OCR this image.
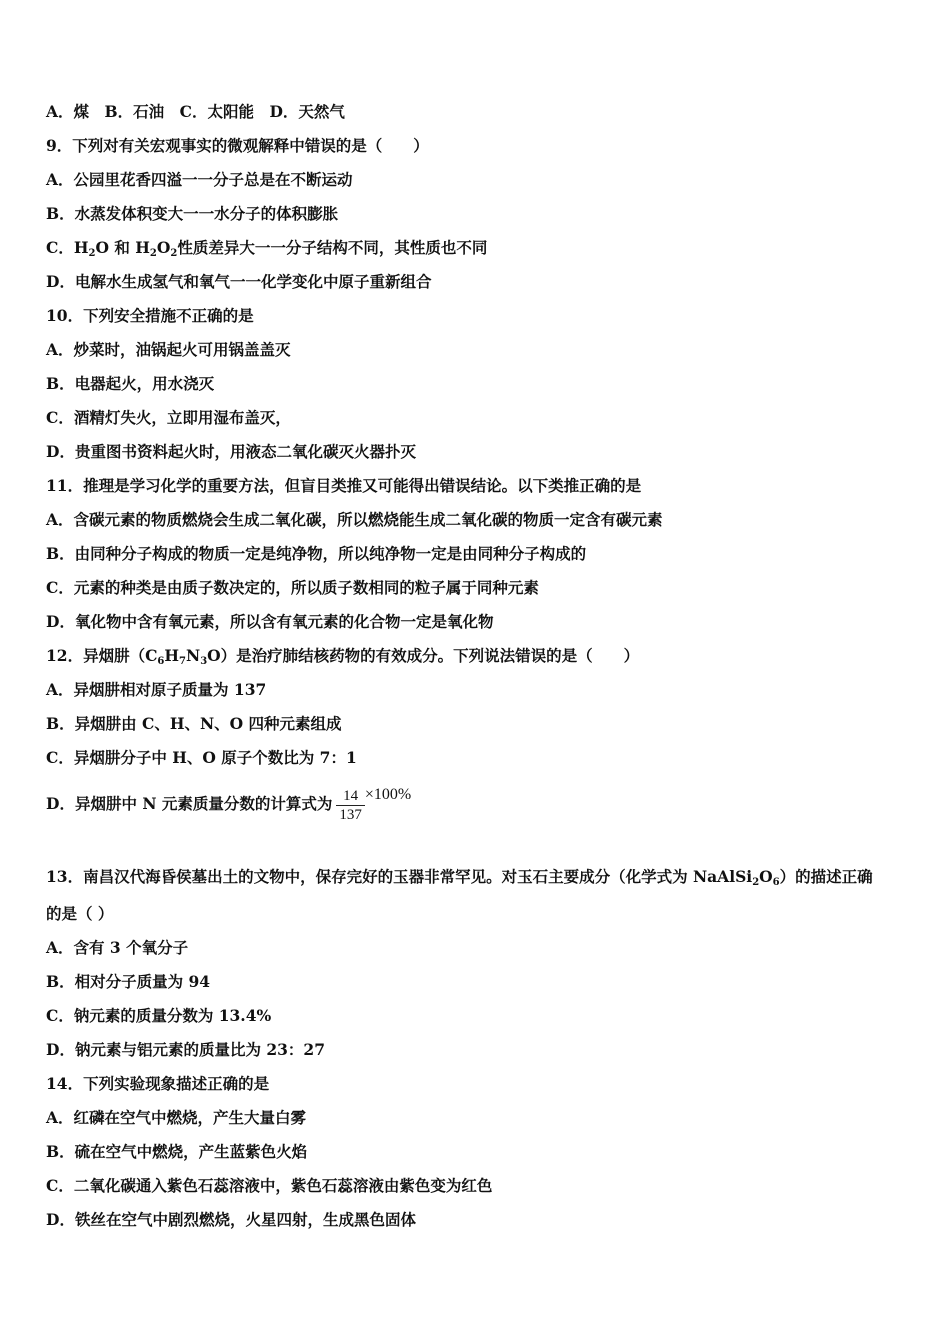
A．煤　B．石油　C．太阳能　D．天然气
9．下列对有关宏观事实的微观解释中错误的是（　　）
A．公园里花香四溢一一分子总是在不断运动
B．水蒸发体积变大一一水分子的体积膨胀
C．$H_2O$ 和 $H_2O_2$性质差异大一一分子结构不同，其性质也不同
D．电解水生成氢气和氧气一一化学变化中原子重新组合
10．下列安全措施不正确的是
A．炒菜时，油锅起火可用锅盖盖灭
B．电器起火，用水浇灭
C．酒精灯失火，立即用湿布盖灭，
D．贵重图书资料起火时，用液态二氧化碳灭火器扑灭
11．推理是学习化学的重要方法，但盲目类推又可能得出错误结论。以下类推正确的是
A．含碳元素的物质燃烧会生成二氧化碳，所以燃烧能生成二氧化碳的物质一定含有碳元素
B．由同种分子构成的物质一定是纯净物，所以纯净物一定是由同种分子构成的
C．元素的种类是由质子数决定的，所以质子数相同的粒子属于同种元素
D．氧化物中含有氧元素，所以含有氧元素的化合物一定是氧化物
12．异烟肼$(C_6H_7N_3O)$是治疗肺结核药物的有效成分。下列说法错误的是（　　）
A．异烟肼相对原子质量为 137
B．异烟肼由 C、H、N、O 四种元素组成
C．异烟肼分子中 H、O 原子个数比为 7：1
D．异烟肼中 N 元素质量分数的计算式为 $\frac{14}{137} \times 100\%$
13．南昌汉代海昏侯墓出土的文物中，保存完好的玉器非常罕见。对玉石主要成分（化学式为 $NaAlSi_2O_6$）的描述正确
的是（ ）
A．含有 3 个氧分子
B．相对分子质量为 94
C．钠元素的质量分数为 13.4%
D．钠元素与铝元素的质量比为 23：27
14．下列实验现象描述正确的是
A．红磷在空气中燃烧，产生大量白雾
B．硫在空气中燃烧，产生蓝紫色火焰
C．二氧化碳通入紫色石蕊溶液中，紫色石蕊溶液由紫色变为红色
D．铁丝在空气中剧烈燃烧，火星四射，生成黑色固体
